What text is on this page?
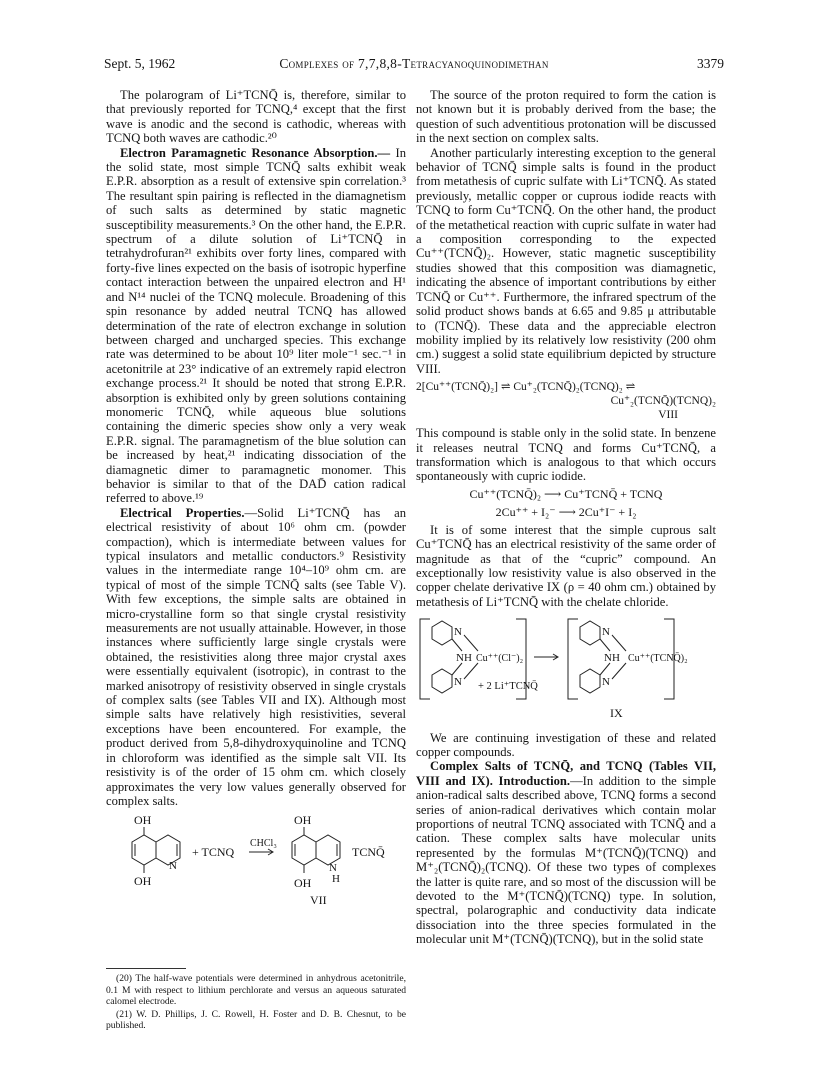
Sept. 5, 1962	Complexes of 7,7,8,8-Tetracyanoquinodimethan	3379

The polarogram of Li⁺TCNQ̄ is, therefore, similar to that previously reported for TCNQ,⁴ except that the first wave is anodic and the second is cathodic, whereas with TCNQ both waves are cathodic.²⁰

Electron Paramagnetic Resonance Absorption.— In the solid state, most simple TCNQ̄ salts exhibit weak E.P.R. absorption as a result of extensive spin correlation.³ The resultant spin pairing is reflected in the diamagnetism of such salts as determined by static magnetic susceptibility measurements.³ On the other hand, the E.P.R. spectrum of a dilute solution of Li⁺TCNQ̄ in tetrahydrofuran²¹ exhibits over forty lines, compared with forty-five lines expected on the basis of isotropic hyperfine contact interaction between the unpaired electron and H¹ and N¹⁴ nuclei of the TCNQ molecule. Broadening of this spin resonance by added neutral TCNQ has allowed determination of the rate of electron exchange in solution between charged and uncharged species. This exchange rate was determined to be about 10⁹ liter mole⁻¹ sec.⁻¹ in acetonitrile at 23° indicative of an extremely rapid electron exchange process.²¹ It should be noted that strong E.P.R. absorption is exhibited only by green solutions containing monomeric TCNQ̄, while aqueous blue solutions containing the dimeric species show only a very weak E.P.R. signal. The paramagnetism of the blue solution can be increased by heat,²¹ indicating dissociation of the diamagnetic dimer to paramagnetic monomer. This behavior is similar to that of the DAD̄ cation radical referred to above.¹⁹

Electrical Properties.—Solid Li⁺TCNQ̄ has an electrical resistivity of about 10⁶ ohm cm. (powder compaction), which is intermediate between values for typical insulators and metallic conductors.⁹ Resistivity values in the intermediate range 10⁴–10⁹ ohm cm. are typical of most of the simple TCNQ̄ salts (see Table V). With few exceptions, the simple salts are obtained in micro-crystalline form so that single crystal resistivity measurements are not usually attainable. However, in those instances where sufficiently large single crystals were obtained, the resistivities along three major crystal axes were essentially equivalent (isotropic), in contrast to the marked anisotropy of resistivity observed in single crystals of complex salts (see Tables VII and IX). Although most simple salts have relatively high resistivities, several exceptions have been encountered. For example, the product derived from 5,8-dihydroxyquinoline and TCNQ in chloroform was identified as the simple salt VII. Its resistivity is of the order of 15 ohm cm. which closely approximates the very low values generally observed for complex salts.

OH
OH
N
+ TCNQ
CHCl₃
OH
OH
N
H
TCNQ̄
VII

(20) The half-wave potentials were determined in anhydrous acetonitrile, 0.1 M with respect to lithium perchlorate and versus an aqueous saturated calomel electrode.

(21) W. D. Phillips, J. C. Rowell, H. Foster and D. B. Chesnut, to be published.

The source of the proton required to form the cation is not known but it is probably derived from the base; the question of such adventitious protonation will be discussed in the next section on complex salts.

Another particularly interesting exception to the general behavior of TCNQ̄ simple salts is found in the product from metathesis of cupric sulfate with Li⁺TCNQ̄. As stated previously, metallic copper or cuprous iodide reacts with TCNQ to form Cu⁺TCNQ̄. On the other hand, the product of the metathetical reaction with cupric sulfate in water had a composition corresponding to the expected Cu⁺⁺(TCNQ̄)₂. However, static magnetic susceptibility studies showed that this composition was diamagnetic, indicating the absence of important contributions by either TCNQ̄ or Cu⁺⁺. Furthermore, the infrared spectrum of the solid product shows bands at 6.65 and 9.85 μ attributable to (TCNQ̄). These data and the appreciable electron mobility implied by its relatively low resistivity (200 ohm cm.) suggest a solid state equilibrium depicted by structure VIII.

2[Cu⁺⁺(TCNQ̄)₂] ⇌ Cu⁺₂(TCNQ̄)₂(TCNQ)₂ ⇌
Cu⁺₂(TCNQ̄)(TCNQ)₂
VIII

This compound is stable only in the solid state. In benzene it releases neutral TCNQ and forms Cu⁺TCNQ̄, a transformation which is analogous to that which occurs spontaneously with cupric iodide.

Cu⁺⁺(TCNQ̄)₂ ⟶ Cu⁺TCNQ̄ + TCNQ
2Cu⁺⁺ + I₂⁻ ⟶ 2Cu⁺I⁻ + I₂

It is of some interest that the simple cuprous salt Cu⁺TCNQ̄ has an electrical resistivity of the same order of magnitude as that of the “cupric” compound. An exceptionally low resistivity value is also observed in the copper chelate derivative IX (ρ = 40 ohm cm.) obtained by metathesis of Li⁺TCNQ̄ with the chelate chloride.

N
N
NH Cu⁺⁺(Cl⁻)₂
+ 2 Li⁺TCNQ̄
N
N
NH Cu⁺⁺(TCNQ̄)₂
IX

We are continuing investigation of these and related copper compounds.

Complex Salts of TCNQ̄, and TCNQ (Tables VII, VIII and IX). Introduction.—In addition to the simple anion-radical salts described above, TCNQ forms a second series of anion-radical derivatives which contain molar proportions of neutral TCNQ associated with TCNQ̄ and a cation. These complex salts have molecular units represented by the formulas M⁺(TCNQ̄)(TCNQ) and M⁺₂(TCNQ̄)₂(TCNQ). Of these two types of complexes the latter is quite rare, and so most of the discussion will be devoted to the M⁺(TCNQ̄)(TCNQ) type. In solution, spectral, polarographic and conductivity data indicate dissociation into the three species formulated in the molecular unit M⁺(TCNQ̄)(TCNQ), but in the solid state
